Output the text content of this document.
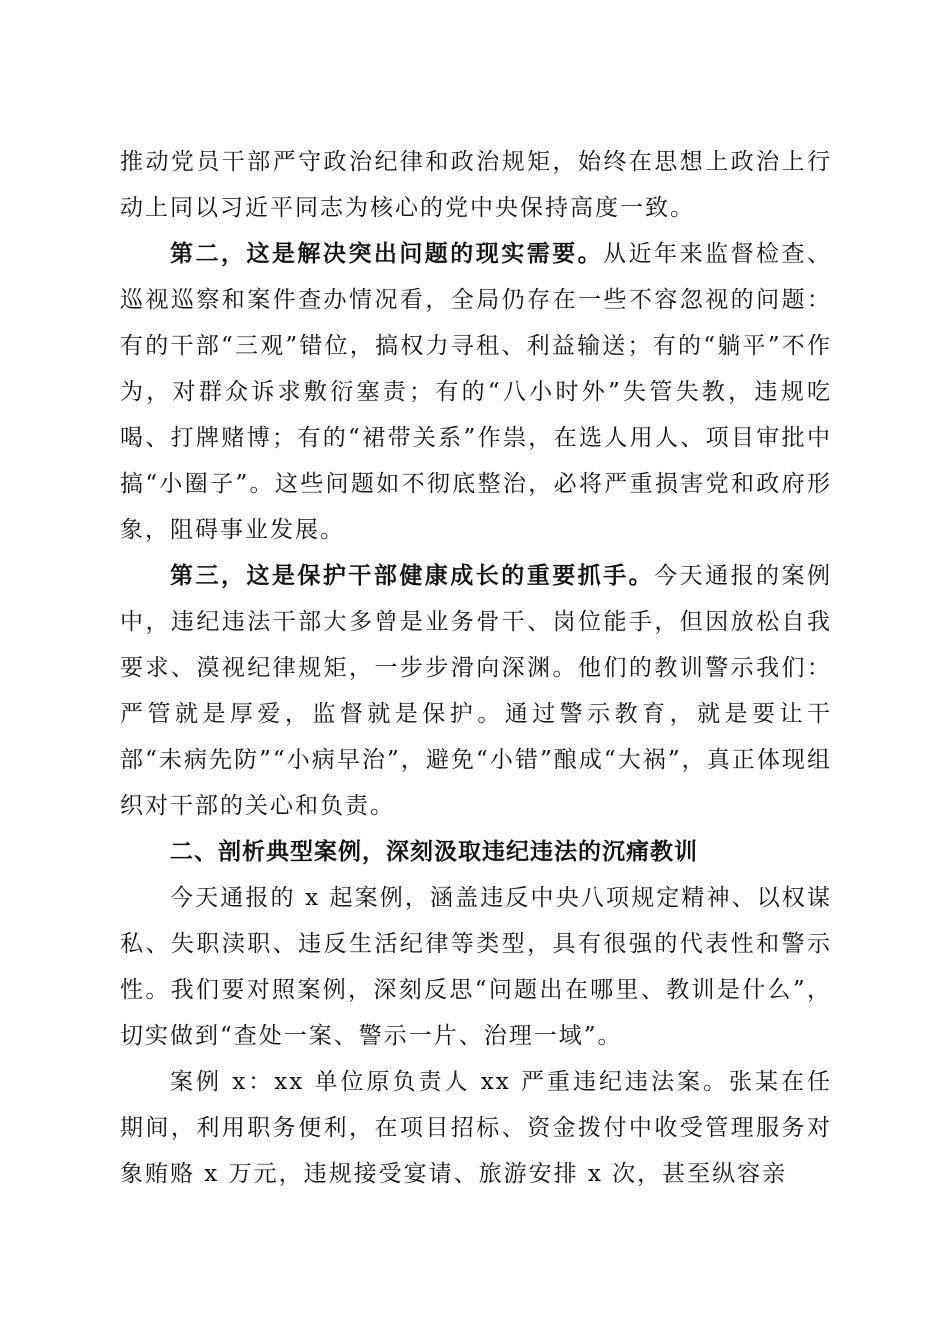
推动党员干部严守政治纪律和政治规矩，始终在思想上政治上行动上同以习近平同志为核心的党中央保持高度一致。

第二，这是解决突出问题的现实需要。从近年来监督检查、巡视巡察和案件查办情况看，全局仍存在一些不容忽视的问题：有的干部“三观”错位，搞权力寻租、利益输送；有的“躺平”不作为，对群众诉求敷衍塞责；有的“八小时外”失管失教，违规吃喝、打牌赌博；有的“裙带关系”作祟，在选人用人、项目审批中搞“小圈子”。这些问题如不彻底整治，必将严重损害党和政府形象，阻碍事业发展。

第三，这是保护干部健康成长的重要抓手。今天通报的案例中，违纪违法干部大多曾是业务骨干、岗位能手，但因放松自我要求、漠视纪律规矩，一步步滑向深渊。他们的教训警示我们：严管就是厚爱，监督就是保护。通过警示教育，就是要让干部“未病先防”“小病早治”，避免“小错”酿成“大祸”，真正体现组织对干部的关心和负责。

二、剖析典型案例，深刻汲取违纪违法的沉痛教训

今天通报的 x 起案例，涵盖违反中央八项规定精神、以权谋私、失职渎职、违反生活纪律等类型，具有很强的代表性和警示性。我们要对照案例，深刻反思“问题出在哪里、教训是什么”，切实做到“查处一案、警示一片、治理一域”。

案例 x：xx 单位原负责人 xx 严重违纪违法案。张某在任期间，利用职务便利，在项目招标、资金拨付中收受管理服务对象贿赂 x 万元，违规接受宴请、旅游安排 x 次，甚至纵容亲
